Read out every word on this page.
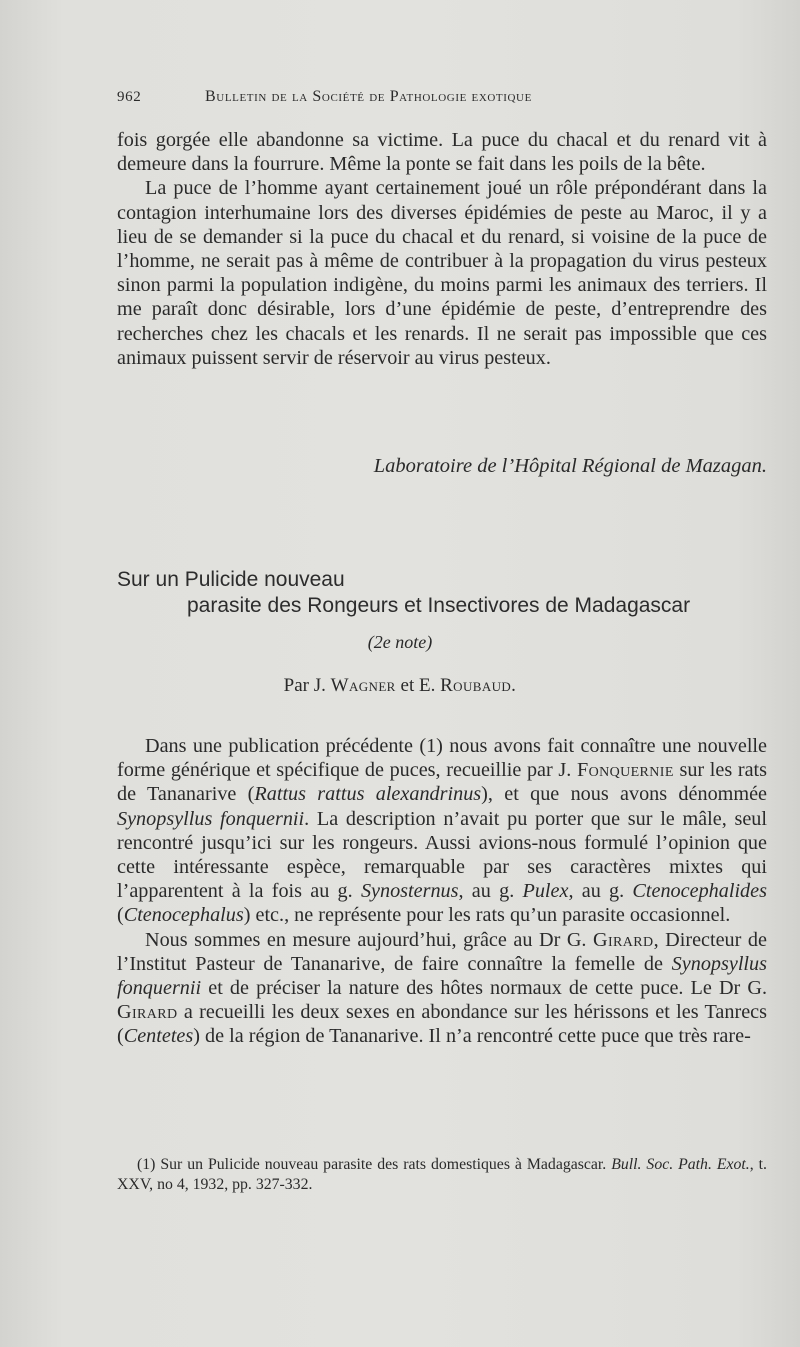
962	Bulletin de la Société de Pathologie exotique

fois gorgée elle abandonne sa victime. La puce du chacal et du renard vit à demeure dans la fourrure. Même la ponte se fait dans les poils de la bête.

La puce de l’homme ayant certainement joué un rôle prépondérant dans la contagion interhumaine lors des diverses épidémies de peste au Maroc, il y a lieu de se demander si la puce du chacal et du renard, si voisine de la puce de l’homme, ne serait pas à même de contribuer à la propagation du virus pesteux sinon parmi la population indigène, du moins parmi les animaux des terriers. Il me paraît donc désirable, lors d’une épidémie de peste, d’entreprendre des recherches chez les chacals et les renards. Il ne serait pas impossible que ces animaux puissent servir de réservoir au virus pesteux.

Laboratoire de l’Hôpital Régional de Mazagan.
Sur un Pulicide nouveau
parasite des Rongeurs et Insectivores de Madagascar
(2e note)
Par J. Wagner et E. Roubaud.

Dans une publication précédente (1) nous avons fait connaître une nouvelle forme générique et spécifique de puces, recueillie par J. Fonquernie sur les rats de Tananarive (Rattus rattus alexandrinus), et que nous avons dénommée Synopsyllus fonquernii. La description n’avait pu porter que sur le mâle, seul rencontré jusqu’ici sur les rongeurs. Aussi avions-nous formulé l’opinion que cette intéressante espèce, remarquable par ses caractères mixtes qui l’apparentent à la fois au g. Synosternus, au g. Pulex, au g. Ctenocephalides (Ctenocephalus) etc., ne représente pour les rats qu’un parasite occasionnel.

Nous sommes en mesure aujourd’hui, grâce au Dr G. Girard, Directeur de l’Institut Pasteur de Tananarive, de faire connaître la femelle de Synopsyllus fonquernii et de préciser la nature des hôtes normaux de cette puce. Le Dr G. Girard a recueilli les deux sexes en abondance sur les hérissons et les Tanrecs (Centetes) de la région de Tananarive. Il n’a rencontré cette puce que très rare-

(1) Sur un Pulicide nouveau parasite des rats domestiques à Madagascar. Bull. Soc. Path. Exot., t. XXV, no 4, 1932, pp. 327-332.
